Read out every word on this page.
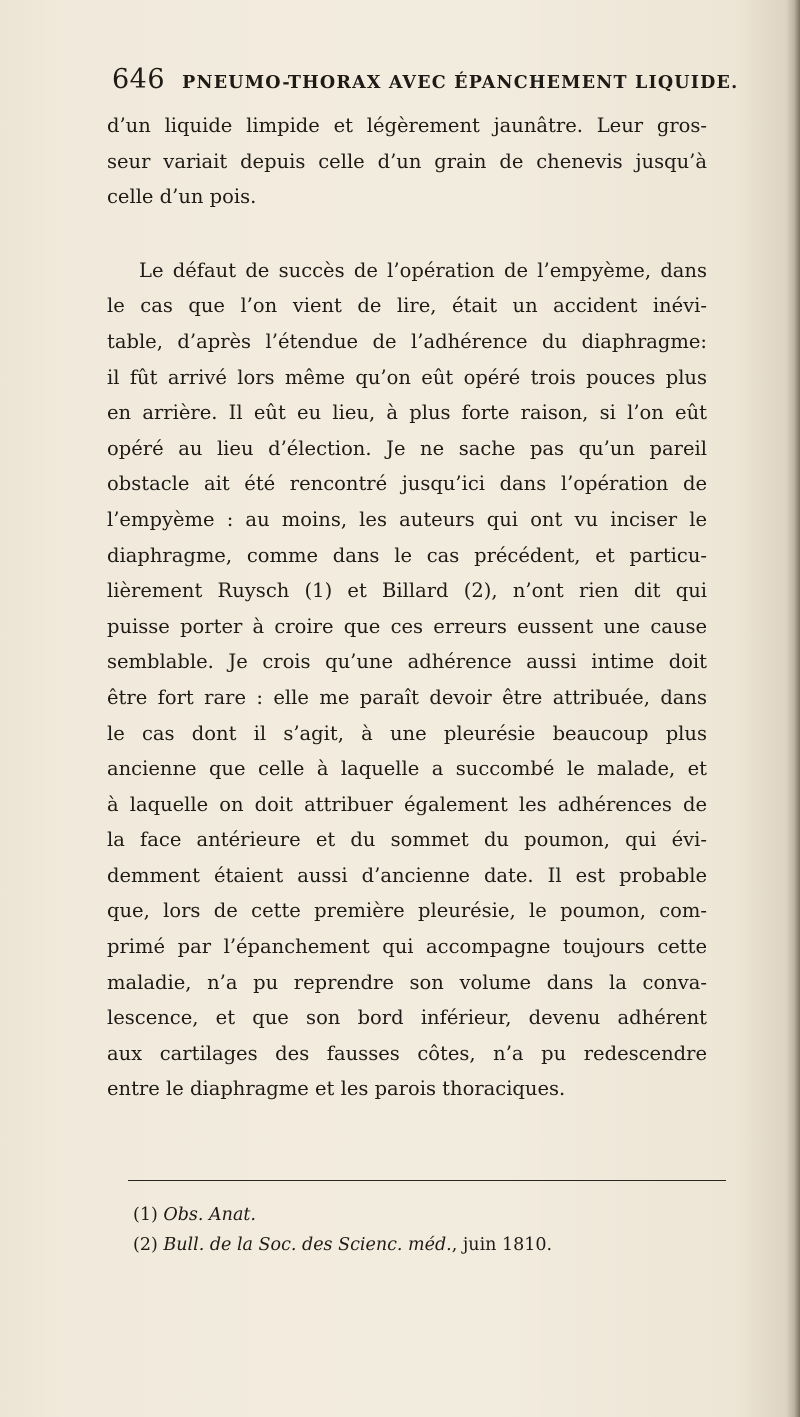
646 PNEUMO-THORAX AVEC ÉPANCHEMENT LIQUIDE.
d’un liquide limpide et légèrement jaunâtre. Leur gros-
seur variait depuis celle d’un grain de chenevis jusqu’à
celle d’un pois.
Le défaut de succès de l’opération de l’empyème, dans
le cas que l’on vient de lire, était un accident inévi-
table, d’après l’étendue de l’adhérence du diaphragme:
il fût arrivé lors même qu’on eût opéré trois pouces plus
en arrière. Il eût eu lieu, à plus forte raison, si l’on eût
opéré au lieu d’élection. Je ne sache pas qu’un pareil
obstacle ait été rencontré jusqu’ici dans l’opération de
l’empyème : au moins, les auteurs qui ont vu inciser le
diaphragme, comme dans le cas précédent, et particu-
lièrement Ruysch (1) et Billard (2), n’ont rien dit qui
puisse porter à croire que ces erreurs eussent une cause
semblable. Je crois qu’une adhérence aussi intime doit
être fort rare : elle me paraît devoir être attribuée, dans
le cas dont il s’agit, à une pleurésie beaucoup plus
ancienne que celle à laquelle a succombé le malade, et
à laquelle on doit attribuer également les adhérences de
la face antérieure et du sommet du poumon, qui évi-
demment étaient aussi d’ancienne date. Il est probable
que, lors de cette première pleurésie, le poumon, com-
primé par l’épanchement qui accompagne toujours cette
maladie, n’a pu reprendre son volume dans la conva-
lescence, et que son bord inférieur, devenu adhérent
aux cartilages des fausses côtes, n’a pu redescendre
entre le diaphragme et les parois thoraciques.
(1) Obs. Anat.
(2) Bull. de la Soc. des Scienc. méd., juin 1810.
